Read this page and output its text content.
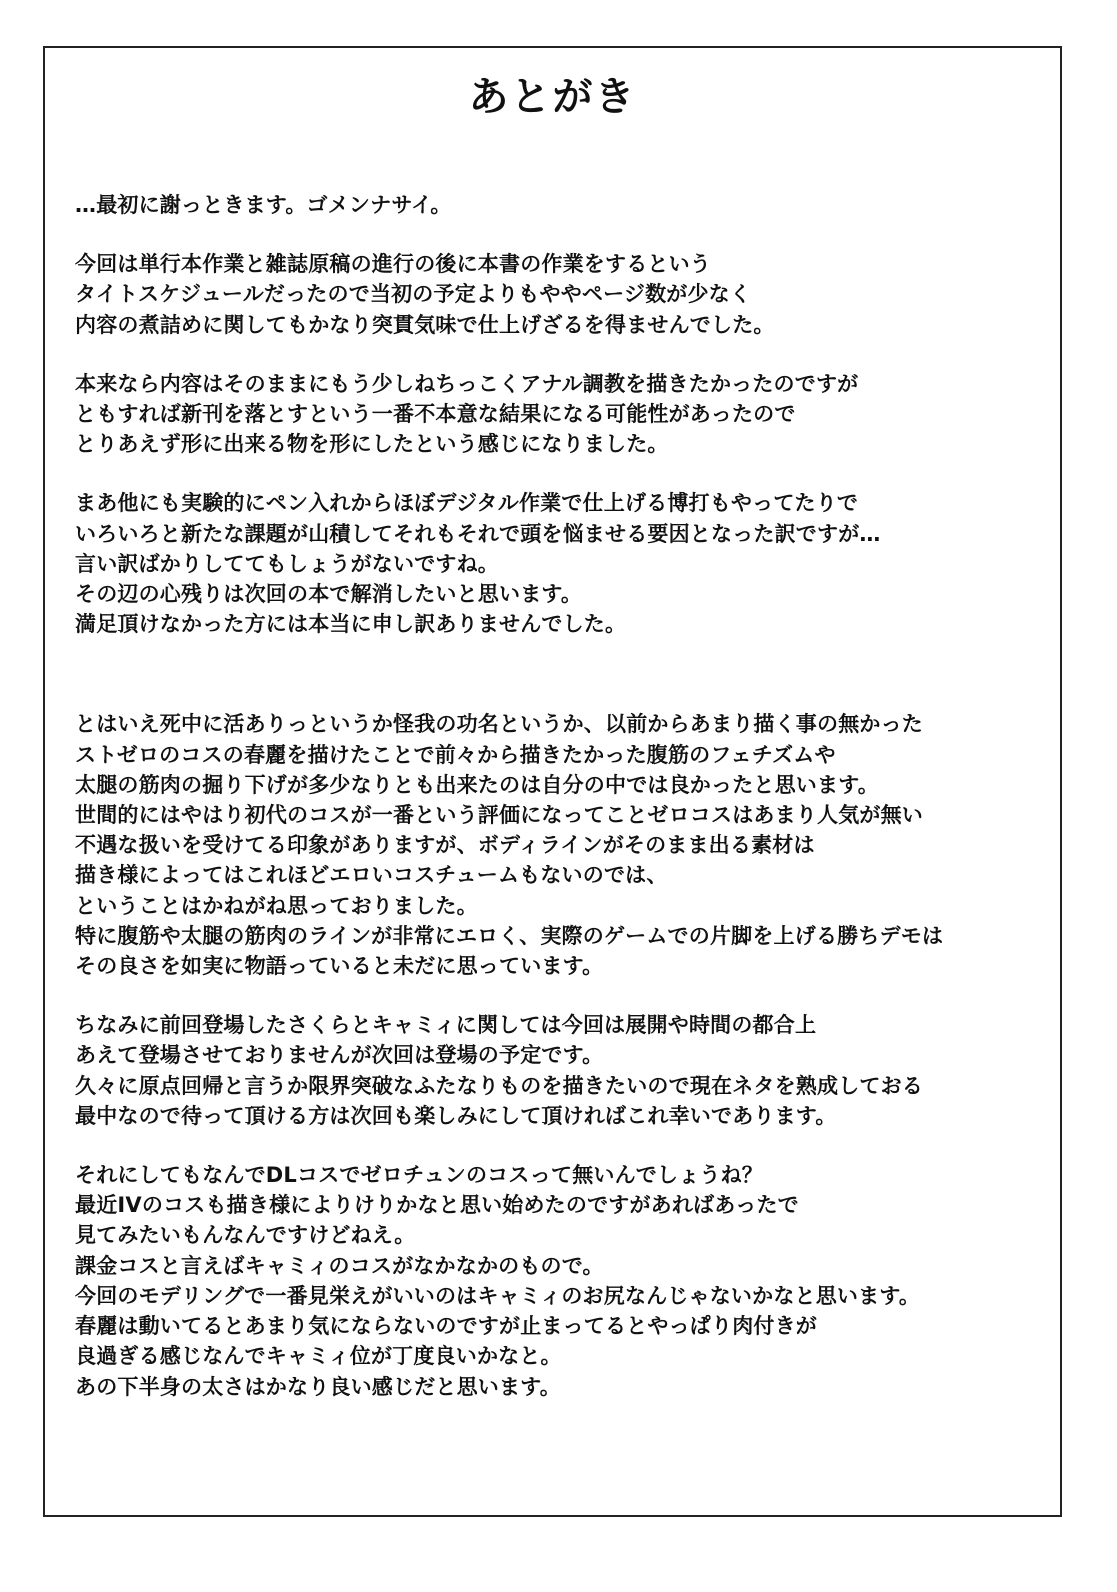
あとがき
…最初に謝っときます。ゴメンナサイ。
今回は単行本作業と雑誌原稿の進行の後に本書の作業をするという
タイトスケジュールだったので当初の予定よりもややページ数が少なく
内容の煮詰めに関してもかなり突貫気味で仕上げざるを得ませんでした。
本来なら内容はそのままにもう少しねちっこくアナル調教を描きたかったのですが
ともすれば新刊を落とすという一番不本意な結果になる可能性があったので
とりあえず形に出来る物を形にしたという感じになりました。
まあ他にも実験的にペン入れからほぼデジタル作業で仕上げる博打もやってたりで
いろいろと新たな課題が山積してそれもそれで頭を悩ませる要因となった訳ですが…
言い訳ばかりしててもしょうがないですね。
その辺の心残りは次回の本で解消したいと思います。
満足頂けなかった方には本当に申し訳ありませんでした。
とはいえ死中に活ありっというか怪我の功名というか、以前からあまり描く事の無かった
ストゼロのコスの春麗を描けたことで前々から描きたかった腹筋のフェチズムや
太腿の筋肉の掘り下げが多少なりとも出来たのは自分の中では良かったと思います。
世間的にはやはり初代のコスが一番という評価になってことゼロコスはあまり人気が無い
不遇な扱いを受けてる印象がありますが、ボディラインがそのまま出る素材は
描き様によってはこれほどエロいコスチュームもないのでは、
ということはかねがね思っておりました。
特に腹筋や太腿の筋肉のラインが非常にエロく、実際のゲームでの片脚を上げる勝ちデモは
その良さを如実に物語っていると未だに思っています。
ちなみに前回登場したさくらとキャミィに関しては今回は展開や時間の都合上
あえて登場させておりませんが次回は登場の予定です。
久々に原点回帰と言うか限界突破なふたなりものを描きたいので現在ネタを熟成しておる
最中なので待って頂ける方は次回も楽しみにして頂ければこれ幸いであります。
それにしてもなんでDLコスでゼロチュンのコスって無いんでしょうね？
最近IVのコスも描き様によりけりかなと思い始めたのですがあればあったで
見てみたいもんなんですけどねえ。
課金コスと言えばキャミィのコスがなかなかのもので。
今回のモデリングで一番見栄えがいいのはキャミィのお尻なんじゃないかなと思います。
春麗は動いてるとあまり気にならないのですが止まってるとやっぱり肉付きが
良過ぎる感じなんでキャミィ位が丁度良いかなと。
あの下半身の太さはかなり良い感じだと思います。
